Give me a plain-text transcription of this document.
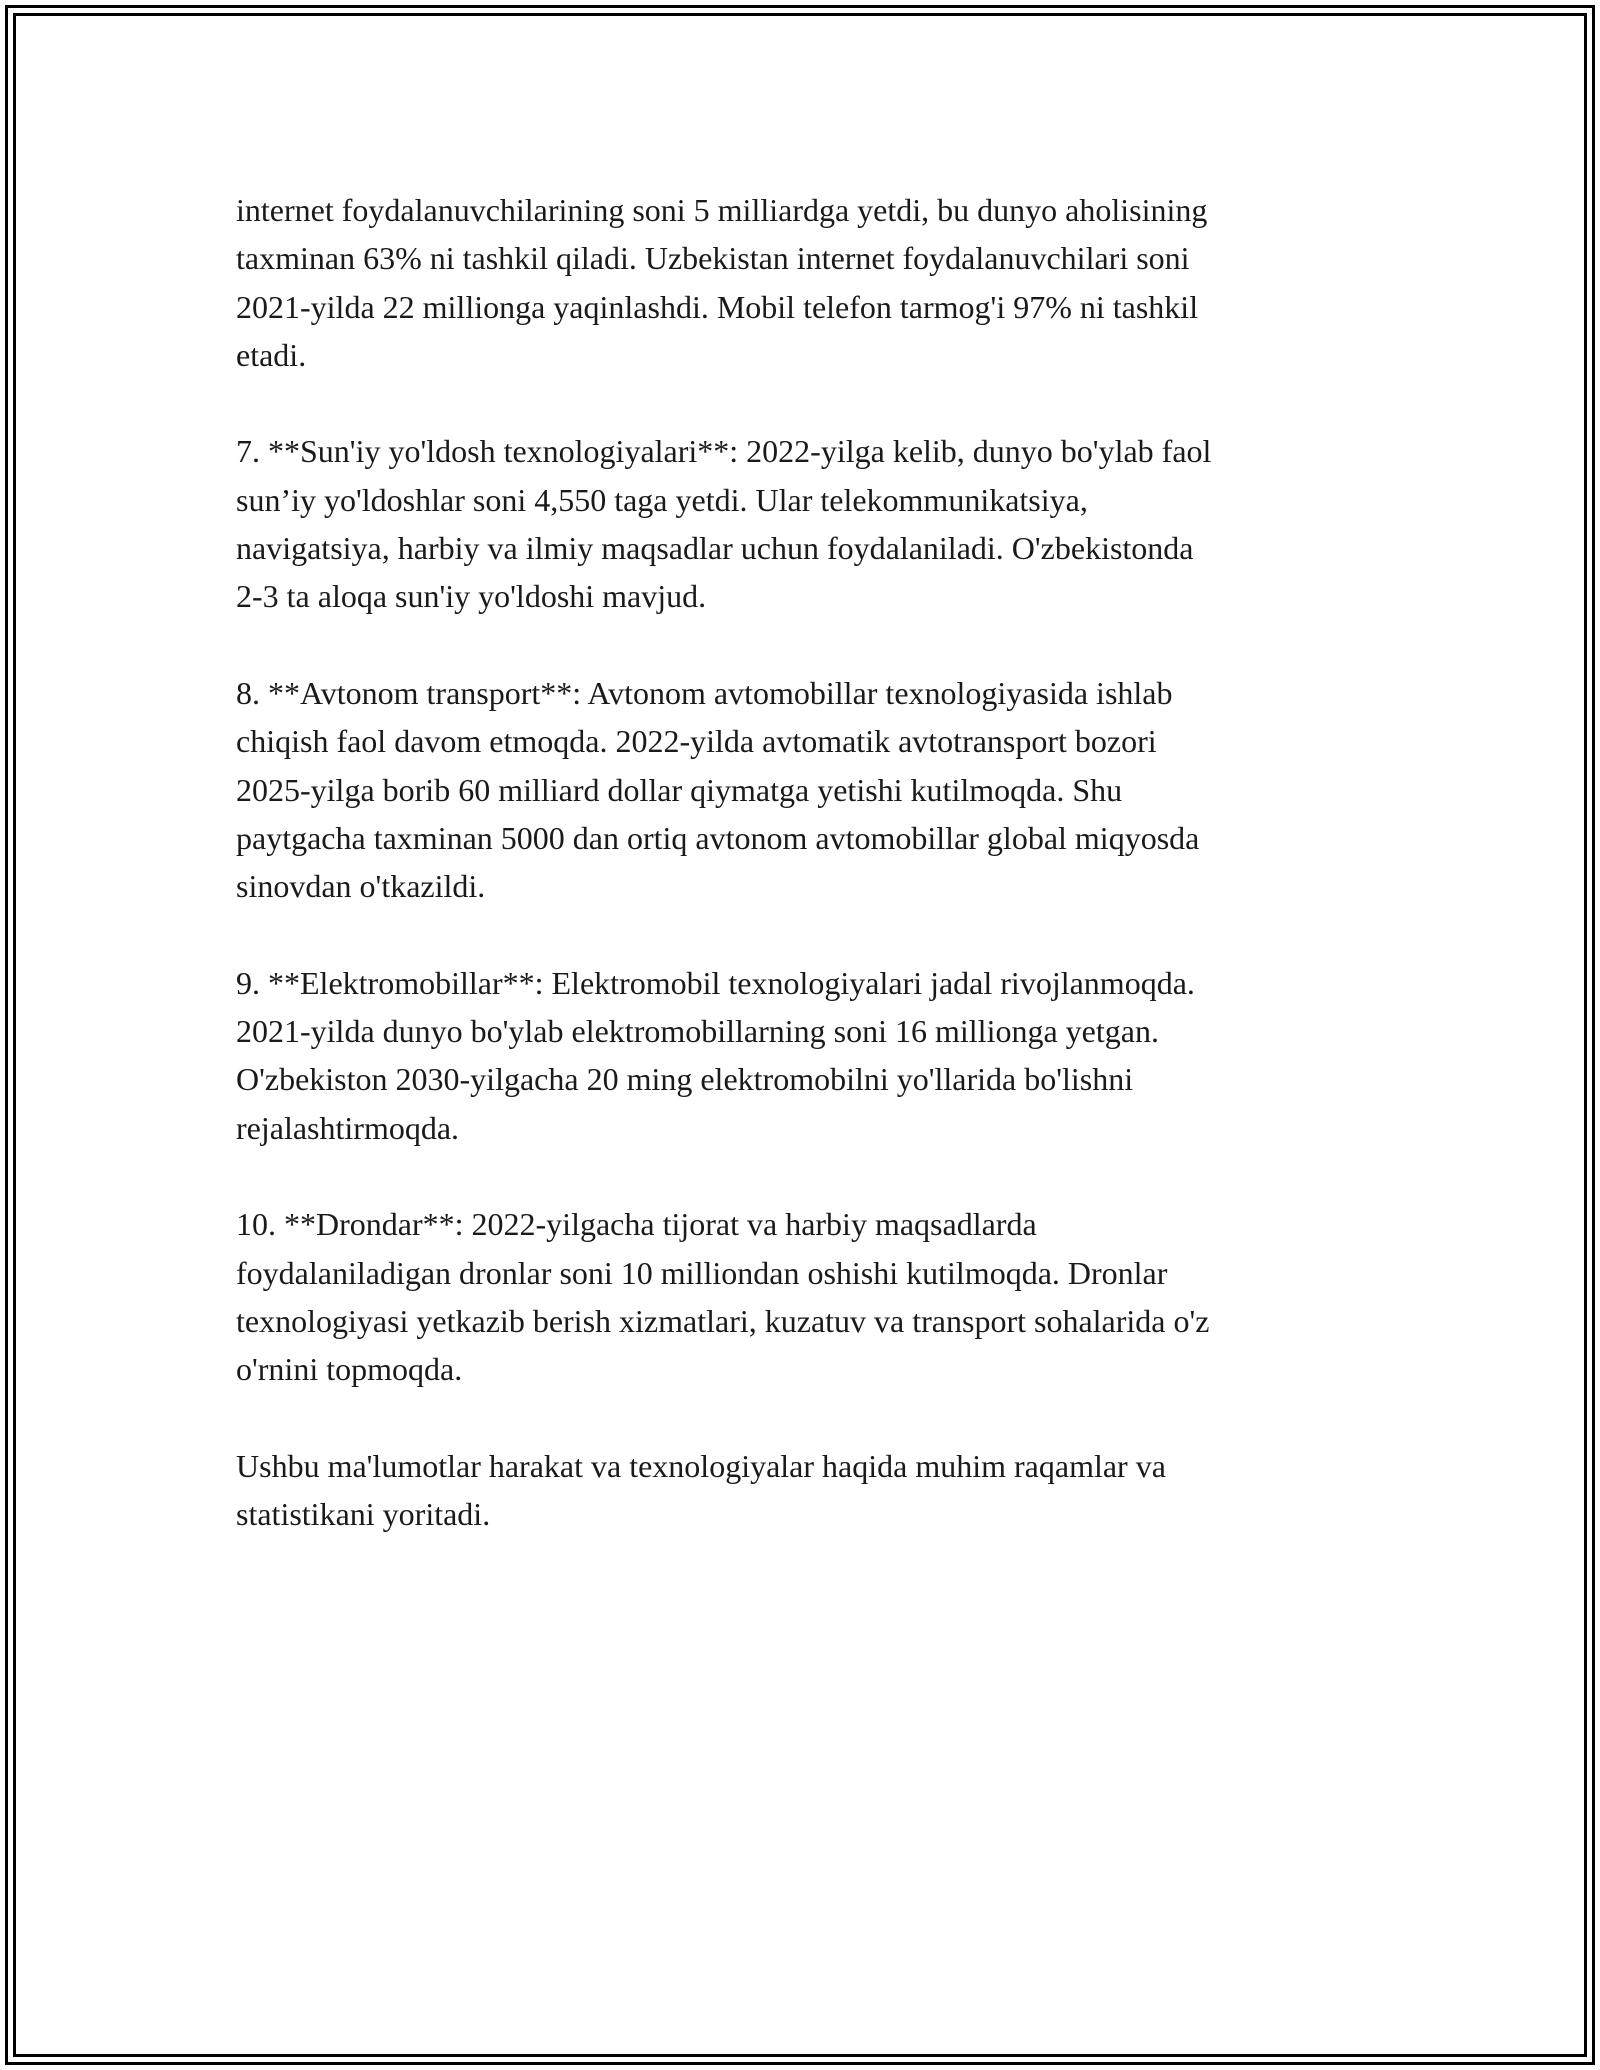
internet foydalanuvchilarining soni 5 milliardga yetdi, bu dunyo aholisining
taxminan 63% ni tashkil qiladi. Uzbekistan internet foydalanuvchilari soni
2021-yilda 22 millionga yaqinlashdi. Mobil telefon tarmog'i 97% ni tashkil
etadi.

7. **Sun'iy yo'ldosh texnologiyalari**: 2022-yilga kelib, dunyo bo'ylab faol
sun’iy yo'ldoshlar soni 4,550 taga yetdi. Ular telekommunikatsiya,
navigatsiya, harbiy va ilmiy maqsadlar uchun foydalaniladi. O'zbekistonda
2-3 ta aloqa sun'iy yo'ldoshi mavjud.

8. **Avtonom transport**: Avtonom avtomobillar texnologiyasida ishlab
chiqish faol davom etmoqda. 2022-yilda avtomatik avtotransport bozori
2025-yilga borib 60 milliard dollar qiymatga yetishi kutilmoqda. Shu
paytgacha taxminan 5000 dan ortiq avtonom avtomobillar global miqyosda
sinovdan o'tkazildi.

9. **Elektromobillar**: Elektromobil texnologiyalari jadal rivojlanmoqda.
2021-yilda dunyo bo'ylab elektromobillarning soni 16 millionga yetgan.
O'zbekiston 2030-yilgacha 20 ming elektromobilni yo'llarida bo'lishni
rejalashtirmoqda.

10. **Drondar**: 2022-yilgacha tijorat va harbiy maqsadlarda
foydalaniladigan dronlar soni 10 milliondan oshishi kutilmoqda. Dronlar
texnologiyasi yetkazib berish xizmatlari, kuzatuv va transport sohalarida o'z
o'rnini topmoqda.

Ushbu ma'lumotlar harakat va texnologiyalar haqida muhim raqamlar va
statistikani yoritadi.
